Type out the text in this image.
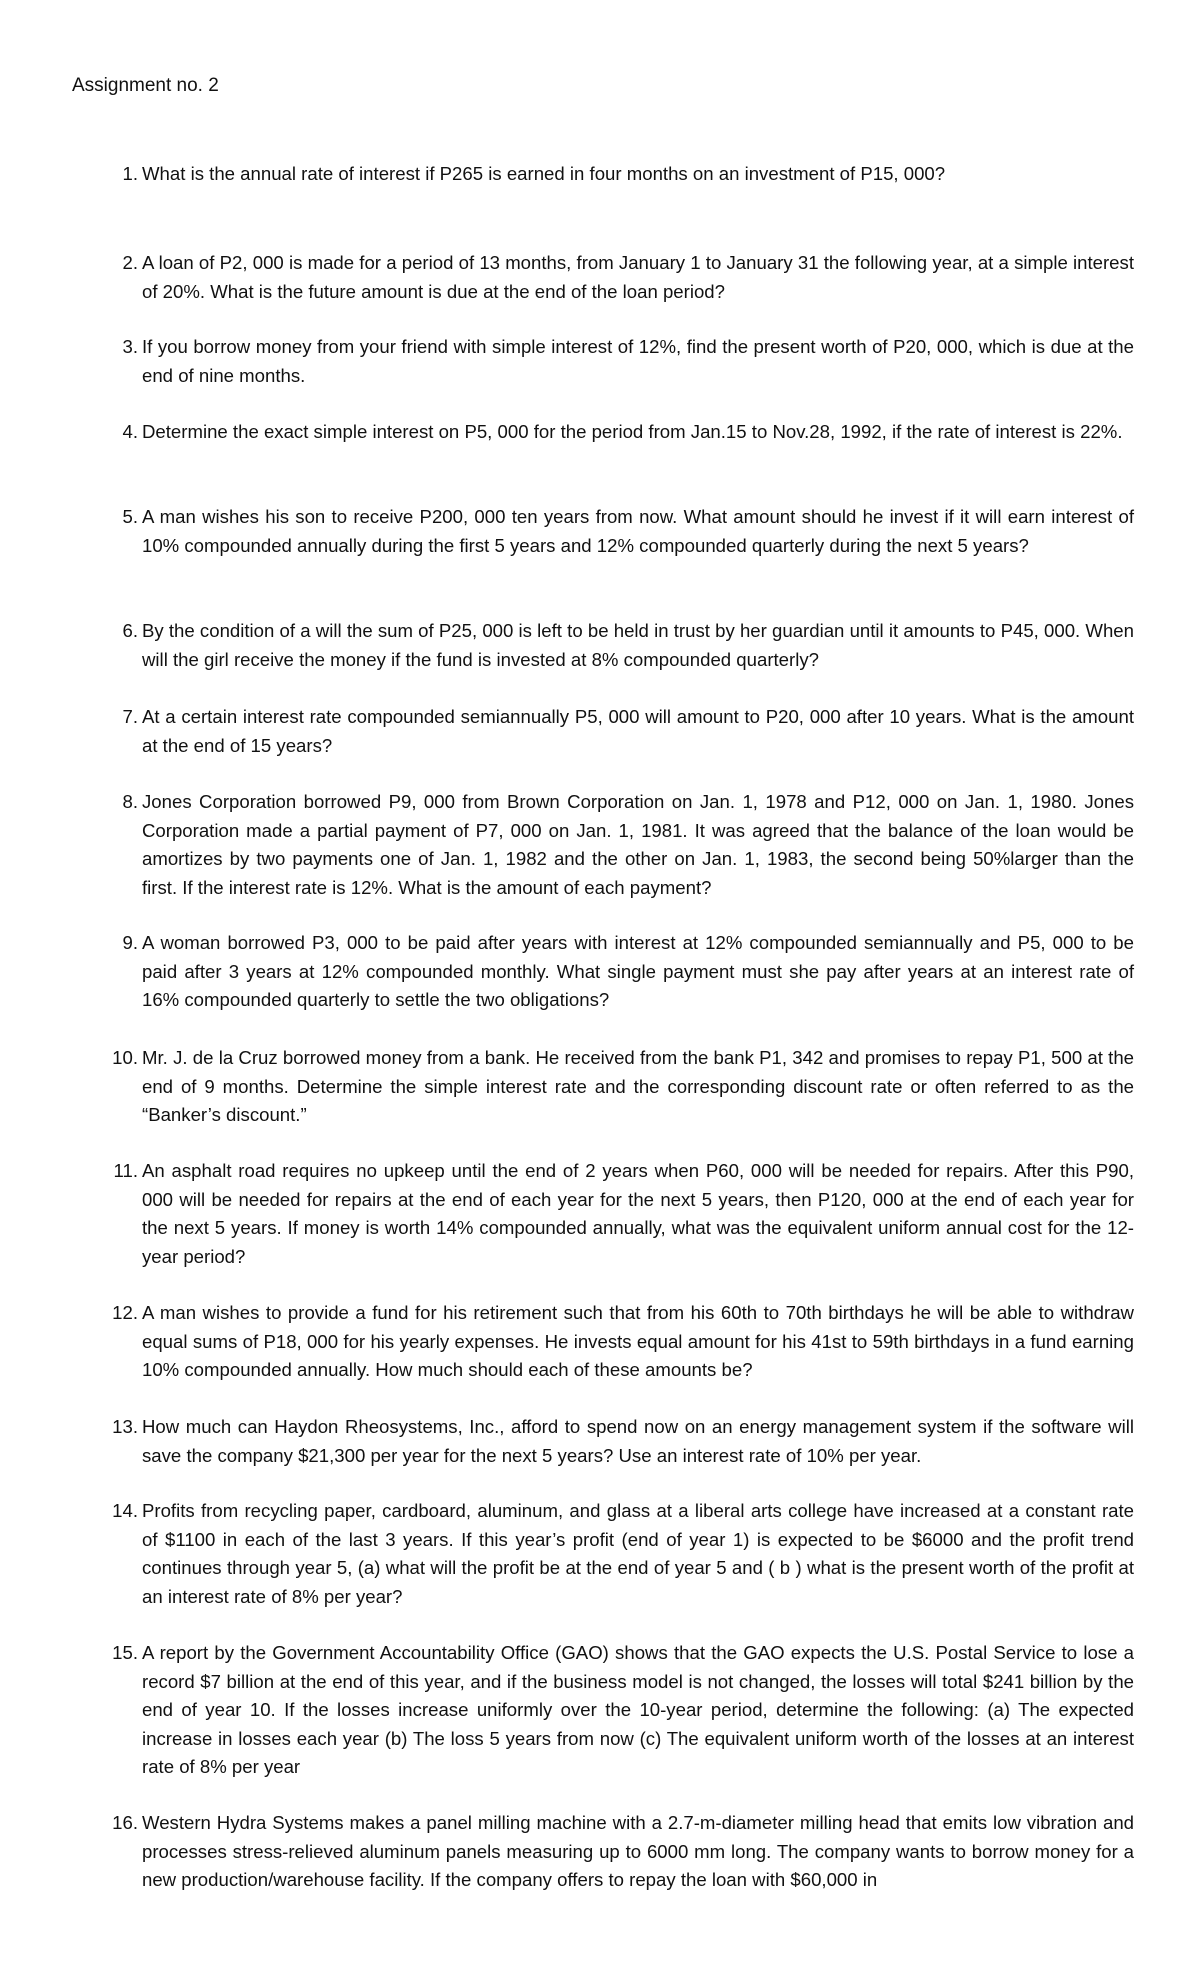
Assignment no. 2
1. What is the annual rate of interest if P265 is earned in four months on an investment of P15, 000?
2. A loan of P2, 000 is made for a period of 13 months, from January 1 to January 31 the following year, at a simple interest of 20%. What is the future amount is due at the end of the loan period?
3. If you borrow money from your friend with simple interest of 12%, find the present worth of P20, 000, which is due at the end of nine months.
4. Determine the exact simple interest on P5, 000 for the period from Jan.15 to Nov.28, 1992, if the rate of interest is 22%.
5. A man wishes his son to receive P200, 000 ten years from now. What amount should he invest if it will earn interest of 10% compounded annually during the first 5 years and 12% compounded quarterly during the next 5 years?
6. By the condition of a will the sum of P25, 000 is left to be held in trust by her guardian until it amounts to P45, 000. When will the girl receive the money if the fund is invested at 8% compounded quarterly?
7. At a certain interest rate compounded semiannually P5, 000 will amount to P20, 000 after 10 years. What is the amount at the end of 15 years?
8. Jones Corporation borrowed P9, 000 from Brown Corporation on Jan. 1, 1978 and P12, 000 on Jan. 1, 1980. Jones Corporation made a partial payment of P7, 000 on Jan. 1, 1981. It was agreed that the balance of the loan would be amortizes by two payments one of Jan. 1, 1982 and the other on Jan. 1, 1983, the second being 50%larger than the first. If the interest rate is 12%. What is the amount of each payment?
9. A woman borrowed P3, 000 to be paid after years with interest at 12% compounded semiannually and P5, 000 to be paid after 3 years at 12% compounded monthly. What single payment must she pay after years at an interest rate of 16% compounded quarterly to settle the two obligations?
10. Mr. J. de la Cruz borrowed money from a bank. He received from the bank P1, 342 and promises to repay P1, 500 at the end of 9 months. Determine the simple interest rate and the corresponding discount rate or often referred to as the “Banker’s discount.”
11. An asphalt road requires no upkeep until the end of 2 years when P60, 000 will be needed for repairs. After this P90, 000 will be needed for repairs at the end of each year for the next 5 years, then P120, 000 at the end of each year for the next 5 years. If money is worth 14% compounded annually, what was the equivalent uniform annual cost for the 12-year period?
12. A man wishes to provide a fund for his retirement such that from his 60th to 70th birthdays he will be able to withdraw equal sums of P18, 000 for his yearly expenses. He invests equal amount for his 41st to 59th birthdays in a fund earning 10% compounded annually. How much should each of these amounts be?
13. How much can Haydon Rheosystems, Inc., afford to spend now on an energy management system if the software will save the company $21,300 per year for the next 5 years? Use an interest rate of 10% per year.
14. Profits from recycling paper, cardboard, aluminum, and glass at a liberal arts college have increased at a constant rate of $1100 in each of the last 3 years. If this year’s profit (end of year 1) is expected to be $6000 and the profit trend continues through year 5, (a) what will the profit be at the end of year 5 and ( b ) what is the present worth of the profit at an interest rate of 8% per year?
15. A report by the Government Accountability Office (GAO) shows that the GAO expects the U.S. Postal Service to lose a record $7 billion at the end of this year, and if the business model is not changed, the losses will total $241 billion by the end of year 10. If the losses increase uniformly over the 10-year period, determine the following: (a) The expected increase in losses each year (b) The loss 5 years from now (c) The equivalent uniform worth of the losses at an interest rate of 8% per year
16. Western Hydra Systems makes a panel milling machine with a 2.7-m-diameter milling head that emits low vibration and processes stress-relieved aluminum panels measuring up to 6000 mm long. The company wants to borrow money for a new production/warehouse facility. If the company offers to repay the loan with $60,000 in
